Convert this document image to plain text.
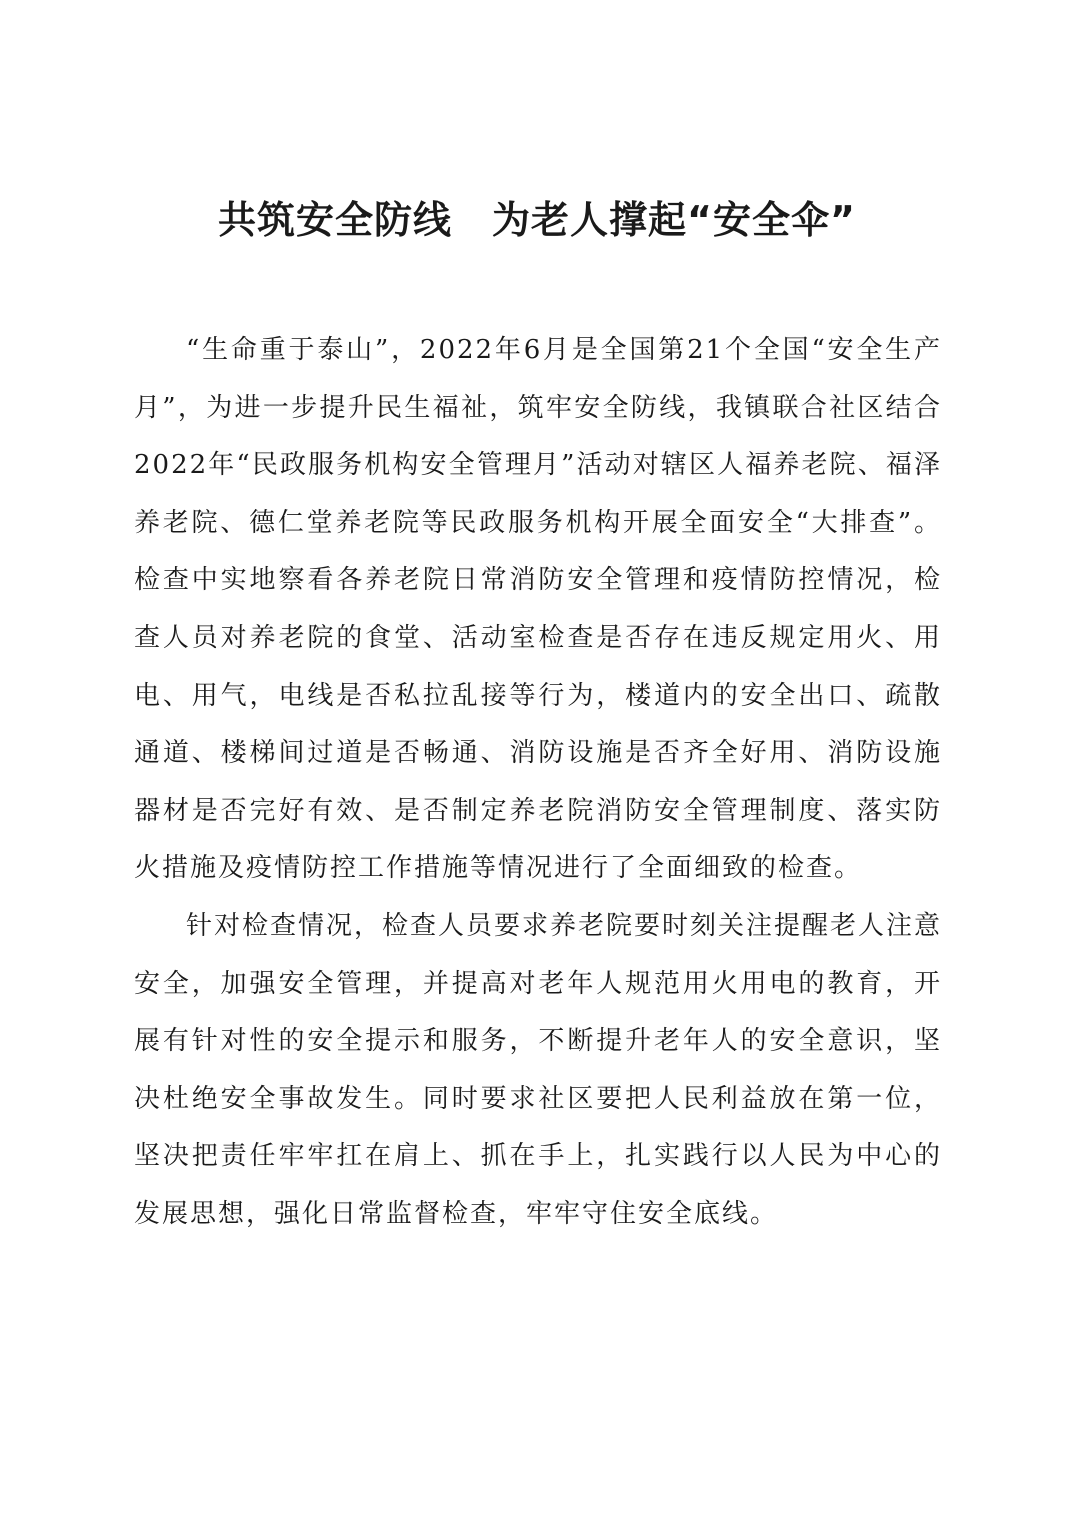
共筑安全防线 为老人撑起“安全伞”

“生命重于泰山”，2022年6月是全国第21个全国“安全生产月”，为进一步提升民生福祉，筑牢安全防线，我镇联合社区结合2022年“民政服务机构安全管理月”活动对辖区人福养老院、福泽养老院、德仁堂养老院等民政服务机构开展全面安全“大排查”。检查中实地察看各养老院日常消防安全管理和疫情防控情况，检查人员对养老院的食堂、活动室检查是否存在违反规定用火、用电、用气，电线是否私拉乱接等行为，楼道内的安全出口、疏散通道、楼梯间过道是否畅通、消防设施是否齐全好用、消防设施器材是否完好有效、是否制定养老院消防安全管理制度、落实防火措施及疫情防控工作措施等情况进行了全面细致的检查。

针对检查情况，检查人员要求养老院要时刻关注提醒老人注意安全，加强安全管理，并提高对老年人规范用火用电的教育，开展有针对性的安全提示和服务，不断提升老年人的安全意识，坚决杜绝安全事故发生。同时要求社区要把人民利益放在第一位，坚决把责任牢牢扛在肩上、抓在手上，扎实践行以人民为中心的发展思想，强化日常监督检查，牢牢守住安全底线。
